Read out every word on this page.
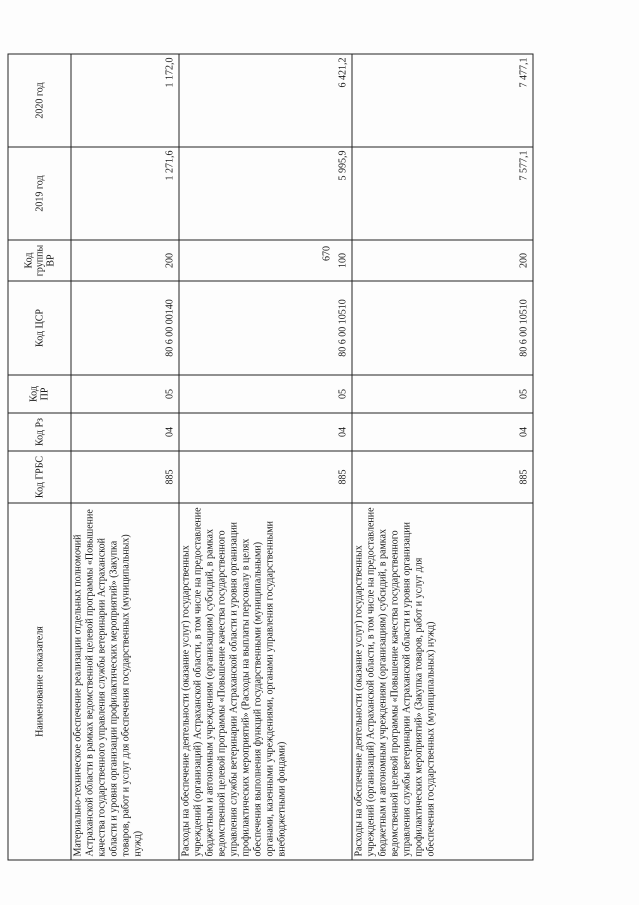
670
Наименование показателя	Код ГРБС	Код Рз	Код ПР	Код ЦСР	Код группы ВР	2019 год	2020 год
Материально-техническое обеспечение реализации отдельных полномочий Астраханской области в рамках ведомственной целевой программы «Повышение качества государственного управления службы ветеринарии Астраханской области и уровня организации профилактических мероприятий» (Закупка товаров, работ и услуг для обеспечения государственных (муниципальных) нужд)	885	04	05	80 6 00 00140	200	1 271,6	1 172,0
Расходы на обеспечение деятельности (оказание услуг) государственных учреждений (организаций) Астраханской области, в том числе на предоставление бюджетным и автономным учреждениям (организациям) субсидий, в рамках ведомственной целевой программы «Повышение качества государственного управления службы ветеринарии Астраханской области и уровня организации профилактических мероприятий» (Расходы на выплаты персоналу в целях обеспечения выполнения функций государственными (муниципальными) органами, казенными учреждениями, органами управления государственными внебюджетными фондами)	885	04	05	80 6 00 10510	100	5 995,9	6 421,2
Расходы на обеспечение деятельности (оказание услуг) государственных учреждений (организаций) Астраханской области, в том числе на предоставление бюджетным и автономным учреждениям (организациям) субсидий, в рамках ведомственной целевой программы «Повышение качества государственного управления службы ветеринарии Астраханской области и уровня организации профилактических мероприятий» (Закупка товаров, работ и услуг для обеспечения государственных (муниципальных) нужд)	885	04	05	80 6 00 10510	200	7 577,1	7 477,1
